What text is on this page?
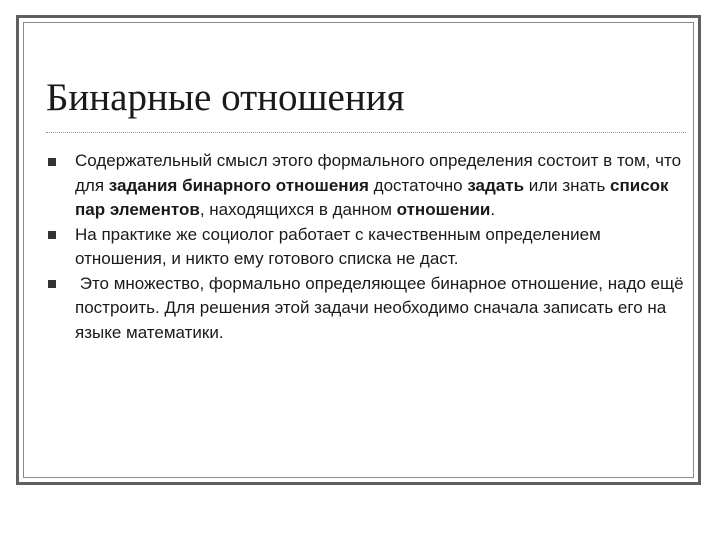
Бинарные отношения
Содержательный смысл этого формального определения состоит в том, что для задания бинарного отношения достаточно задать или знать список пар элементов, находящихся в данном отношении.
На практике же социолог работает с качественным определением отношения, и никто ему готового списка не даст.
Это множество, формально определяющее бинарное отношение, надо ещё построить. Для решения этой задачи необходимо сначала записать его на языке математики.
